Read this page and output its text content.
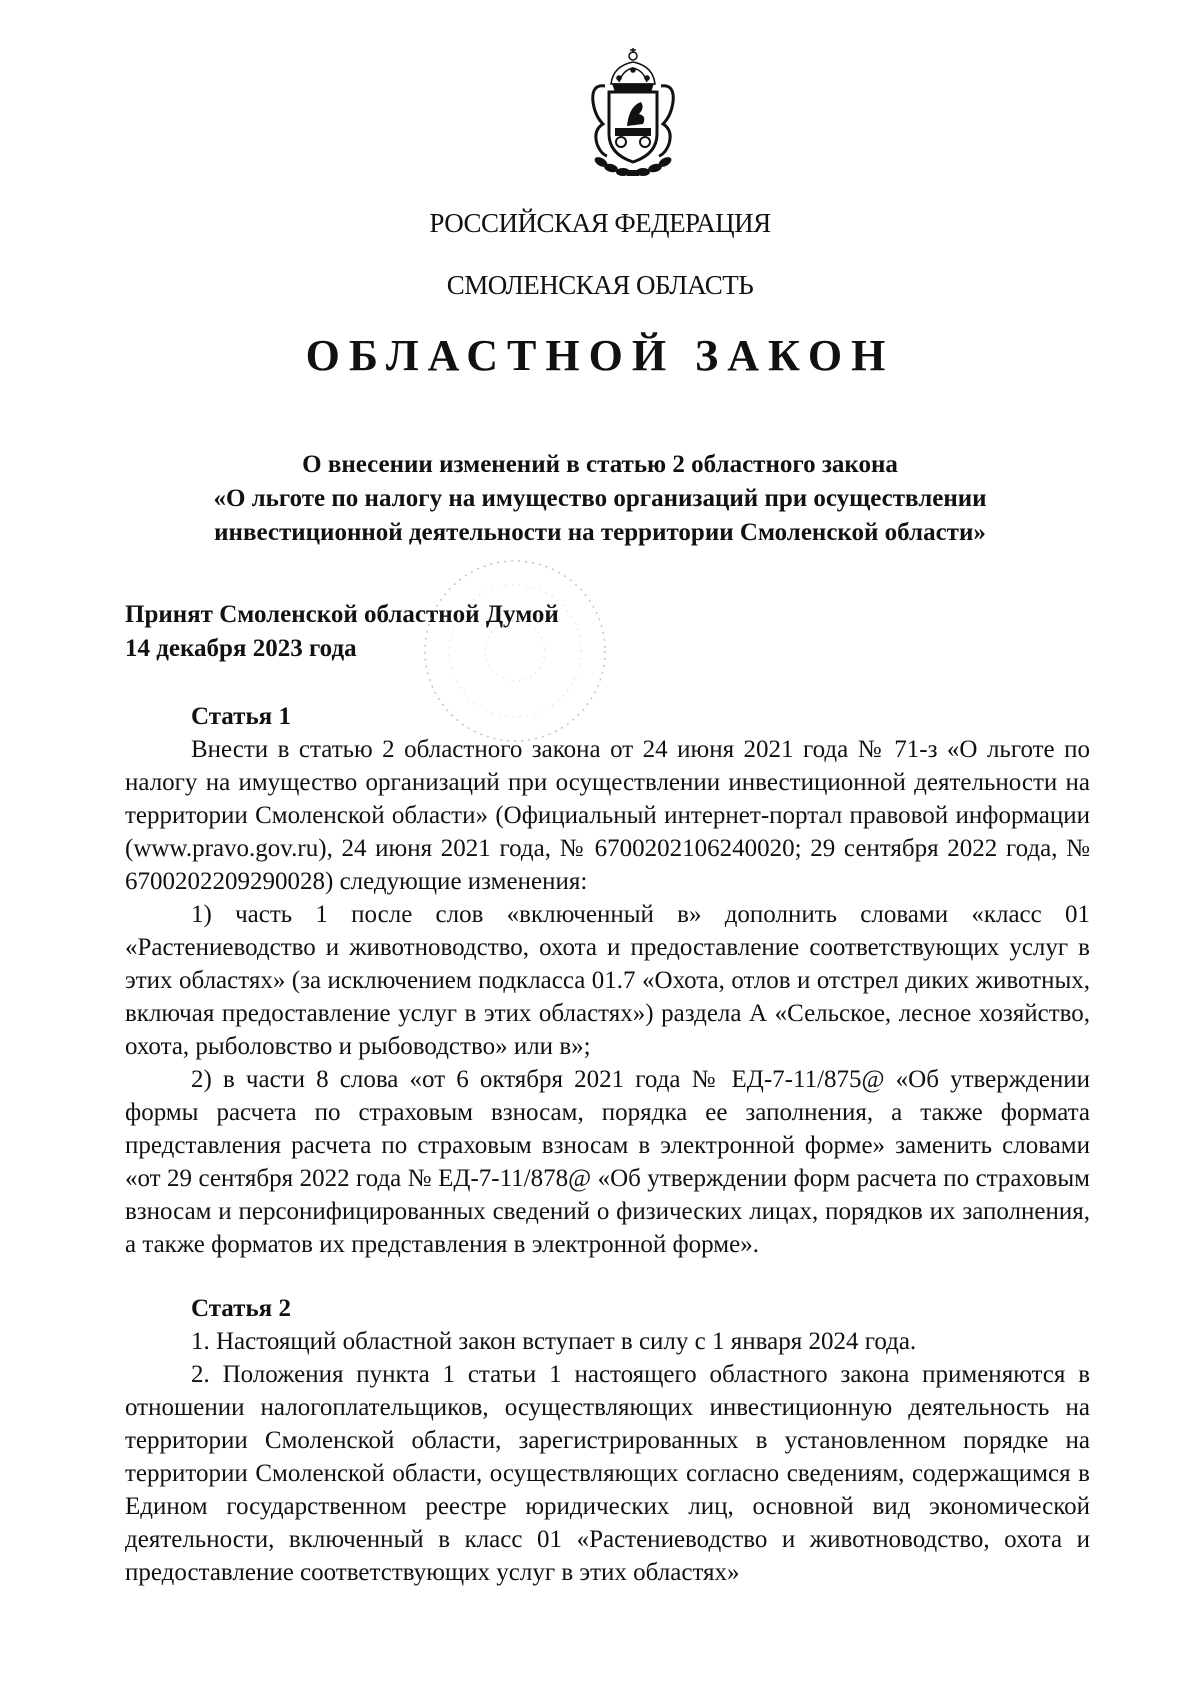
РОССИЙСКАЯ ФЕДЕРАЦИЯ
СМОЛЕНСКАЯ ОБЛАСТЬ
ОБЛАСТНОЙ ЗАКОН
О внесении изменений в статью 2 областного закона
«О льготе по налогу на имущество организаций при осуществлении
инвестиционной деятельности на территории Смоленской области»
Принят Смоленской областной Думой
14 декабря 2023 года
Статья 1

Внести в статью 2 областного закона от 24 июня 2021 года № 71-з «О льготе по налогу на имущество организаций при осуществлении инвестиционной деятельности на территории Смоленской области» (Официальный интернет-портал правовой информации (www.pravo.gov.ru), 24 июня 2021 года, № 6700202106240020; 29 сентября 2022 года, № 6700202209290028) следующие изменения:

1) часть 1 после слов «включенный в» дополнить словами «класс 01 «Растениеводство и животноводство, охота и предоставление соответствующих услуг в этих областях» (за исключением подкласса 01.7 «Охота, отлов и отстрел диких животных, включая предоставление услуг в этих областях») раздела А «Сельское, лесное хозяйство, охота, рыболовство и рыбоводство» или в»;

2) в части 8 слова «от 6 октября 2021 года № ЕД-7-11/875@ «Об утверждении формы расчета по страховым взносам, порядка ее заполнения, а также формата представления расчета по страховым взносам в электронной форме» заменить словами «от 29 сентября 2022 года № ЕД-7-11/878@ «Об утверждении форм расчета по страховым взносам и персонифицированных сведений о физических лицах, порядков их заполнения, а также форматов их представления в электронной форме».

Статья 2

1. Настоящий областной закон вступает в силу с 1 января 2024 года.

2. Положения пункта 1 статьи 1 настоящего областного закона применяются в отношении налогоплательщиков, осуществляющих инвестиционную деятельность на территории Смоленской области, зарегистрированных в установленном порядке на территории Смоленской области, осуществляющих согласно сведениям, содержащимся в Едином государственном реестре юридических лиц, основной вид экономической деятельности, включенный в класс 01 «Растениеводство и животноводство, охота и предоставление соответствующих услуг в этих областях»
